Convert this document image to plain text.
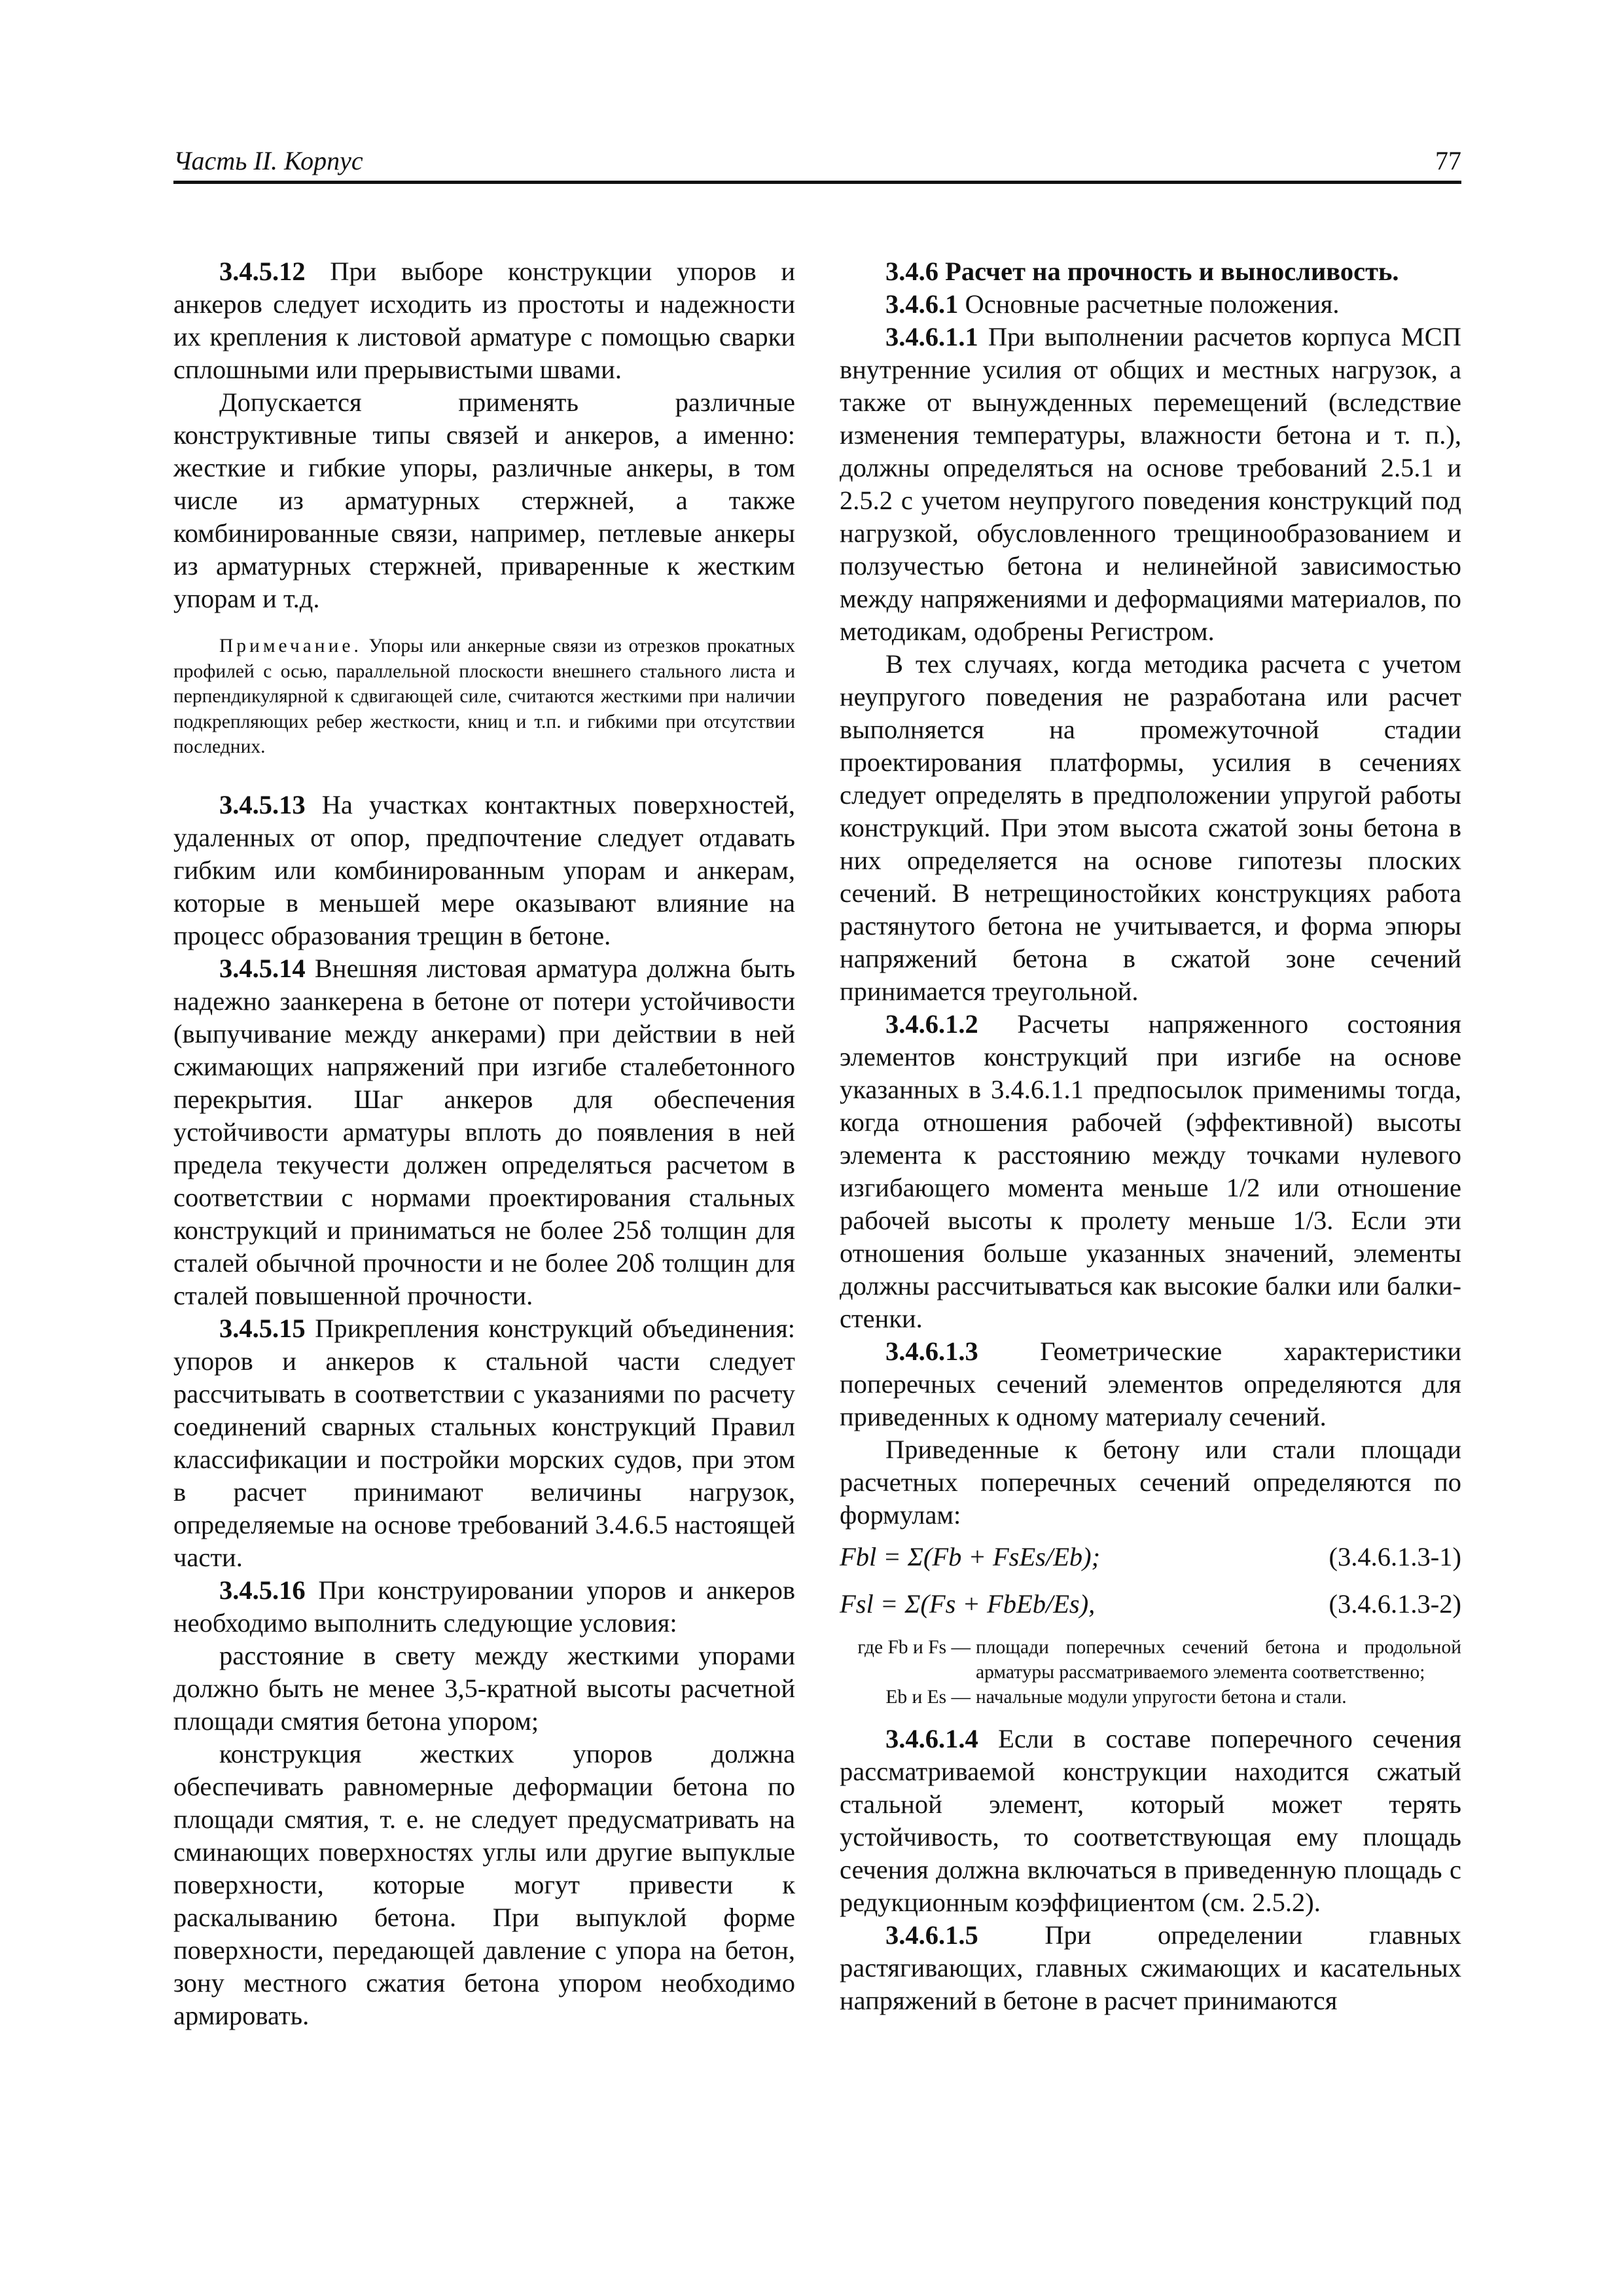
Часть II. Корпус	77

3.4.5.12 При выборе конструкции упоров и анкеров следует исходить из простоты и надежности их крепления к листовой арматуре с помощью сварки сплошными или прерывистыми швами.

Допускается применять различные конструктивные типы связей и анкеров, а именно: жесткие и гибкие упоры, различные анкеры, в том числе из арматурных стержней, а также комбинированные связи, например, петлевые анкеры из арматурных стержней, приваренные к жестким упорам и т.д.

Примечание. Упоры или анкерные связи из отрезков прокатных профилей с осью, параллельной плоскости внешнего стального листа и перпендикулярной к сдвигающей силе, считаются жесткими при наличии подкрепляющих ребер жесткости, книц и т.п. и гибкими при отсутствии последних.

3.4.5.13 На участках контактных поверхностей, удаленных от опор, предпочтение следует отдавать гибким или комбинированным упорам и анкерам, которые в меньшей мере оказывают влияние на процесс образования трещин в бетоне.

3.4.5.14 Внешняя листовая арматура должна быть надежно заанкерена в бетоне от потери устойчивости (выпучивание между анкерами) при действии в ней сжимающих напряжений при изгибе сталебетонного перекрытия. Шаг анкеров для обеспечения устойчивости арматуры вплоть до появления в ней предела текучести должен определяться расчетом в соответствии с нормами проектирования стальных конструкций и приниматься не более 25δ толщин для сталей обычной прочности и не более 20δ толщин для сталей повышенной прочности.

3.4.5.15 Прикрепления конструкций объединения: упоров и анкеров к стальной части следует рассчитывать в соответствии с указаниями по расчету соединений сварных стальных конструкций Правил классификации и постройки морских судов, при этом в расчет принимают величины нагрузок, определяемые на основе требований 3.4.6.5 настоящей части.

3.4.5.16 При конструировании упоров и анкеров необходимо выполнить следующие условия:

расстояние в свету между жесткими упорами должно быть не менее 3,5-кратной высоты расчетной площади смятия бетона упором;

конструкция жестких упоров должна обеспечивать равномерные деформации бетона по площади смятия, т. е. не следует предусматривать на сминающих поверхностях углы или другие выпуклые поверхности, которые могут привести к раскалыванию бетона. При выпуклой форме поверхности, передающей давление с упора на бетон, зону местного сжатия бетона упором необходимо армировать.

3.4.6 Расчет на прочность и выносливость.

3.4.6.1 Основные расчетные положения.

3.4.6.1.1 При выполнении расчетов корпуса МСП внутренние усилия от общих и местных нагрузок, а также от вынужденных перемещений (вследствие изменения температуры, влажности бетона и т. п.), должны определяться на основе требований 2.5.1 и 2.5.2 с учетом неупругого поведения конструкций под нагрузкой, обусловленного трещинообразованием и ползучестью бетона и нелинейной зависимостью между напряжениями и деформациями материалов, по методикам, одобрены Регистром.

В тех случаях, когда методика расчета с учетом неупругого поведения не разработана или расчет выполняется на промежуточной стадии проектирования платформы, усилия в сечениях следует определять в предположении упругой работы конструкций. При этом высота сжатой зоны бетона в них определяется на основе гипотезы плоских сечений. В нетрещиностойких конструкциях работа растянутого бетона не учитывается, и форма эпюры напряжений бетона в сжатой зоне сечений принимается треугольной.

3.4.6.1.2 Расчеты напряженного состояния элементов конструкций при изгибе на основе указанных в 3.4.6.1.1 предпосылок применимы тогда, когда отношения рабочей (эффективной) высоты элемента к расстоянию между точками нулевого изгибающего момента меньше 1/2 или отношение рабочей высоты к пролету меньше 1/3. Если эти отношения больше указанных значений, элементы должны рассчитываться как высокие балки или балки-стенки.

3.4.6.1.3 Геометрические характеристики поперечных сечений элементов определяются для приведенных к одному материалу сечений.

Приведенные к бетону или стали площади расчетных поперечных сечений определяются по формулам:

Fbl = Σ(Fb + FsEs/Eb);	(3.4.6.1.3-1)
Fsl = Σ(Fs + FbEb/Es),	(3.4.6.1.3-2)
где Fb и Fs — площади поперечных сечений бетона и продольной арматуры рассматриваемого элемента соответственно;
Eb и Es — начальные модули упругости бетона и стали.

3.4.6.1.4 Если в составе поперечного сечения рассматриваемой конструкции находится сжатый стальной элемент, который может терять устойчивость, то соответствующая ему площадь сечения должна включаться в приведенную площадь с редукционным коэффициентом (см. 2.5.2).

3.4.6.1.5	При определении главных растягивающих, главных сжимающих и касательных напряжений в бетоне в расчет принимаются
